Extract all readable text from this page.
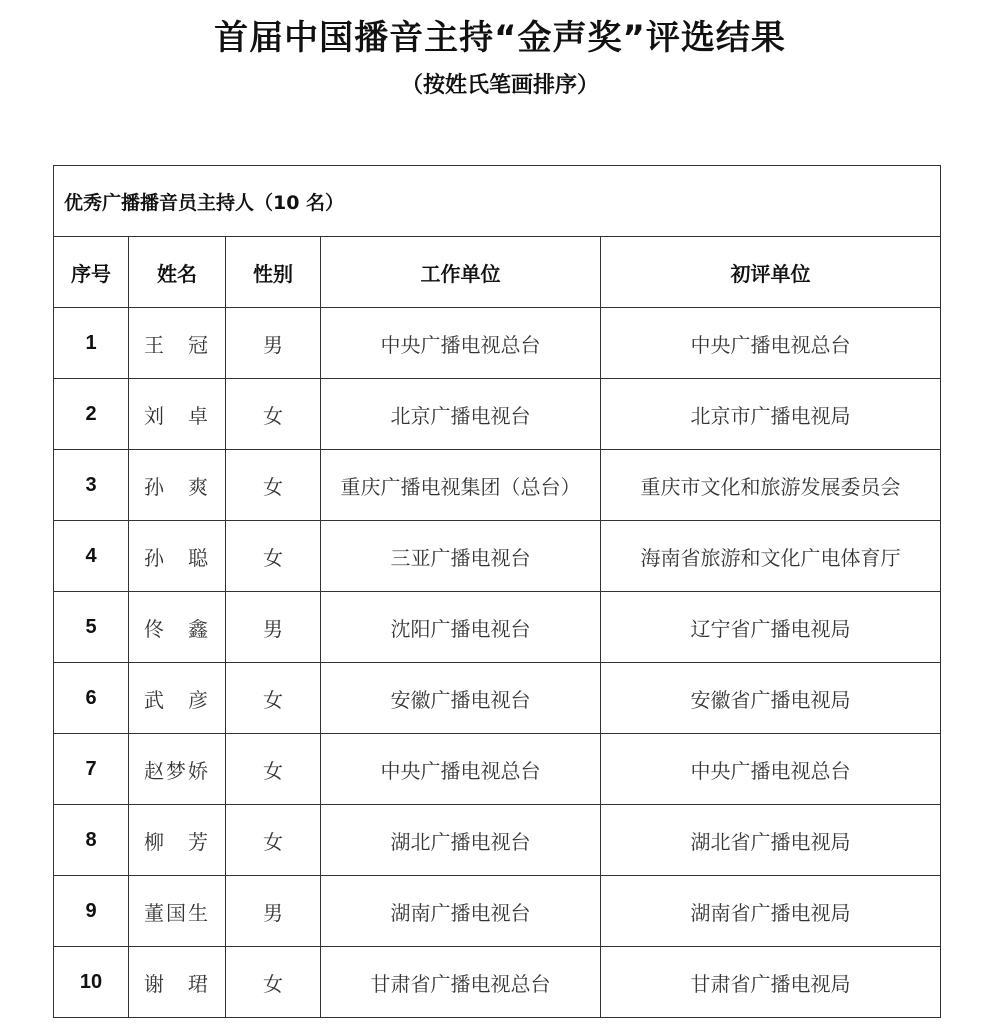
首届中国播音主持“金声奖”评选结果
（按姓氏笔画排序）
优秀广播播音员主持人（10 名）				
序号	姓名	性别	工作单位	初评单位
1	王　冠	男	中央广播电视总台	中央广播电视总台
2	刘　卓	女	北京广播电视台	北京市广播电视局
3	孙　爽	女	重庆广播电视集团（总台）	重庆市文化和旅游发展委员会
4	孙　聪	女	三亚广播电视台	海南省旅游和文化广电体育厅
5	佟　鑫	男	沈阳广播电视台	辽宁省广播电视局
6	武　彦	女	安徽广播电视台	安徽省广播电视局
7	赵梦娇	女	中央广播电视总台	中央广播电视总台
8	柳　芳	女	湖北广播电视台	湖北省广播电视局
9	董国生	男	湖南广播电视台	湖南省广播电视局
10	谢　珺	女	甘肃省广播电视总台	甘肃省广播电视局
